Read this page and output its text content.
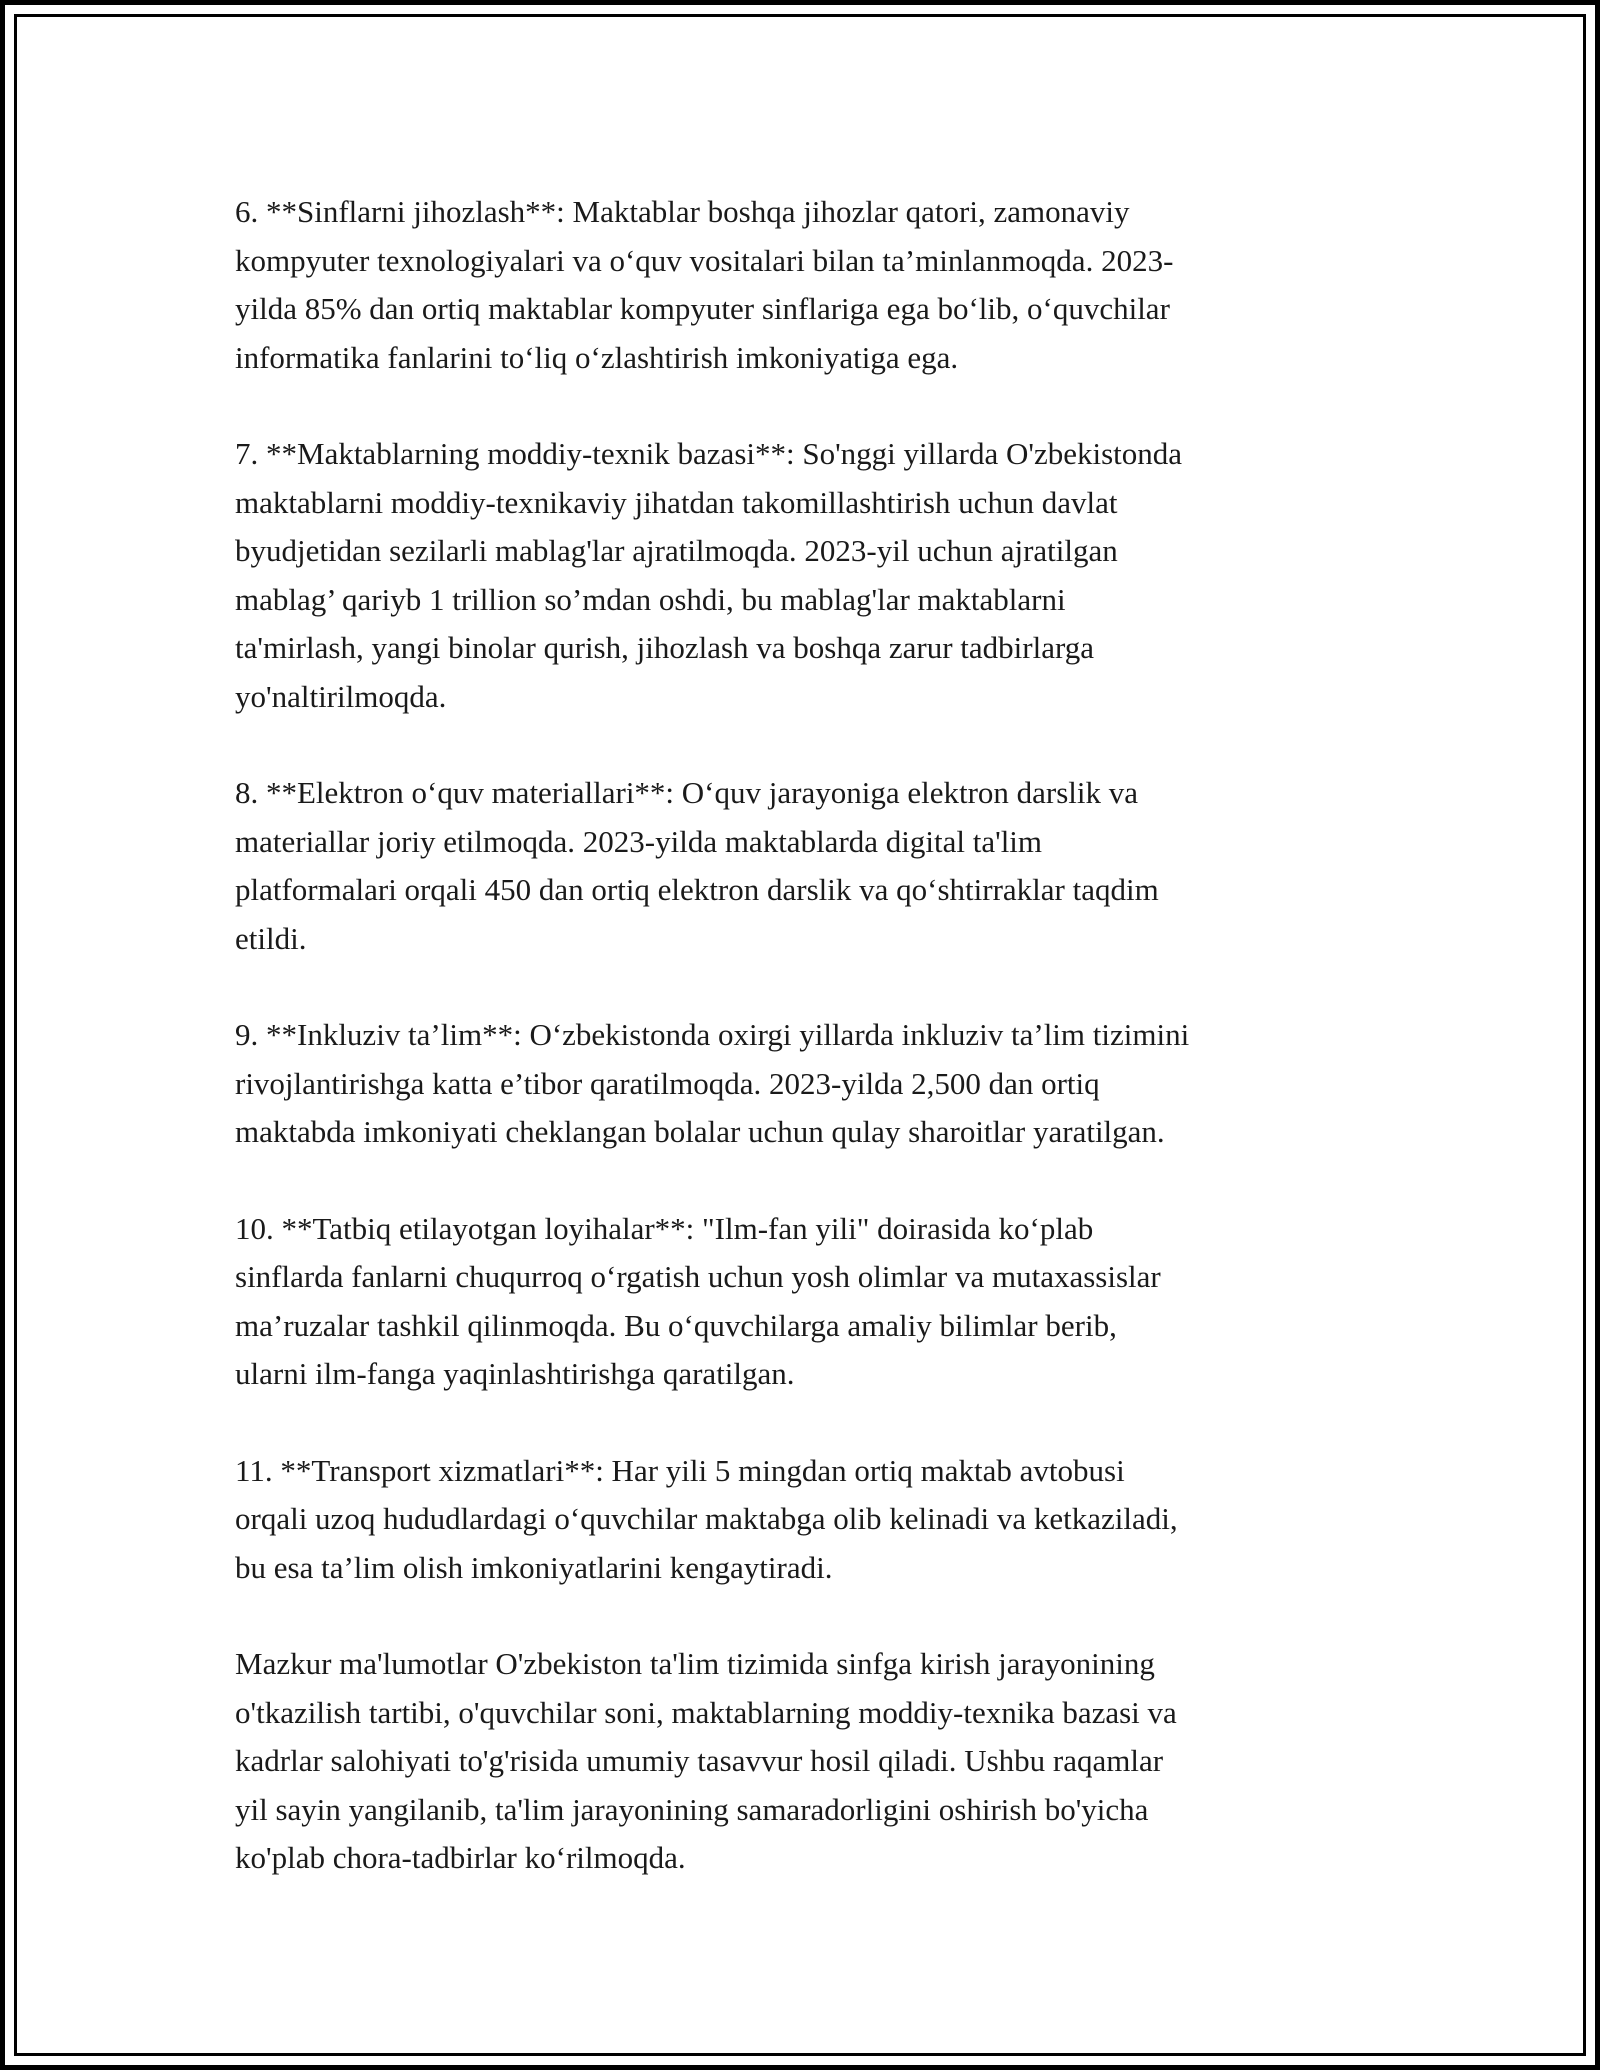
6. **Sinflarni jihozlash**: Maktablar boshqa jihozlar qatori, zamonaviy
kompyuter texnologiyalari va o‘quv vositalari bilan ta’minlanmoqda. 2023-
yilda 85% dan ortiq maktablar kompyuter sinflariga ega bo‘lib, o‘quvchilar
informatika fanlarini to‘liq o‘zlashtirish imkoniyatiga ega.

7. **Maktablarning moddiy-texnik bazasi**: So'nggi yillarda O'zbekistonda
maktablarni moddiy-texnikaviy jihatdan takomillashtirish uchun davlat
byudjetidan sezilarli mablag'lar ajratilmoqda. 2023-yil uchun ajratilgan
mablag’ qariyb 1 trillion so’mdan oshdi, bu mablag'lar maktablarni
ta'mirlash, yangi binolar qurish, jihozlash va boshqa zarur tadbirlarga
yo'naltirilmoqda.

8. **Elektron o‘quv materiallari**: O‘quv jarayoniga elektron darslik va
materiallar joriy etilmoqda. 2023-yilda maktablarda digital ta'lim
platformalari orqali 450 dan ortiq elektron darslik va qo‘shtirraklar taqdim
etildi.

9. **Inkluziv ta’lim**: O‘zbekistonda oxirgi yillarda inkluziv ta’lim tizimini
rivojlantirishga katta e’tibor qaratilmoqda. 2023-yilda 2,500 dan ortiq
maktabda imkoniyati cheklangan bolalar uchun qulay sharoitlar yaratilgan.

10. **Tatbiq etilayotgan loyihalar**: "Ilm-fan yili" doirasida ko‘plab
sinflarda fanlarni chuqurroq o‘rgatish uchun yosh olimlar va mutaxassislar
ma’ruzalar tashkil qilinmoqda. Bu o‘quvchilarga amaliy bilimlar berib,
ularni ilm-fanga yaqinlashtirishga qaratilgan.

11. **Transport xizmatlari**: Har yili 5 mingdan ortiq maktab avtobusi
orqali uzoq hududlardagi o‘quvchilar maktabga olib kelinadi va ketkaziladi,
bu esa ta’lim olish imkoniyatlarini kengaytiradi.

Mazkur ma'lumotlar O'zbekiston ta'lim tizimida sinfga kirish jarayonining
o'tkazilish tartibi, o'quvchilar soni, maktablarning moddiy-texnika bazasi va
kadrlar salohiyati to'g'risida umumiy tasavvur hosil qiladi. Ushbu raqamlar
yil sayin yangilanib, ta'lim jarayonining samaradorligini oshirish bo'yicha
ko'plab chora-tadbirlar ko‘rilmoqda.
